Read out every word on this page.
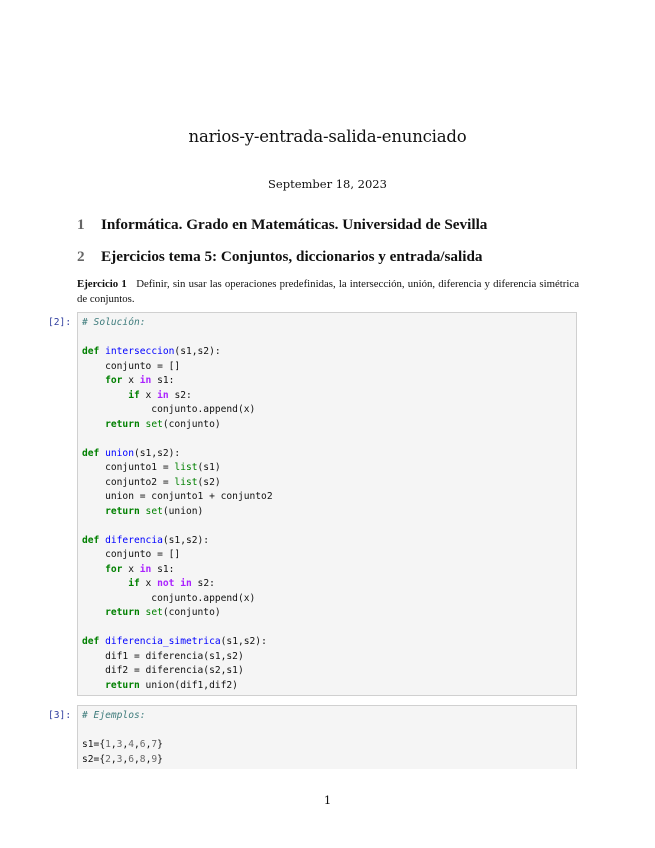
narios-y-entrada-salida-enunciado
September 18, 2023
1 Informática. Grado en Matemáticas. Universidad de Sevilla
2 Ejercicios tema 5: Conjuntos, diccionarios y entrada/salida
Ejercicio 1 Definir, sin usar las operaciones predefinidas, la intersección, unión, diferencia y diferencia simétrica de conjuntos.
[2]:	# Solución:

def interseccion(s1,s2):
conjunto = []
for x in s1:
if x in s2:
conjunto.append(x)
return set(conjunto)

def union(s1,s2):
conjunto1 = list(s1)
conjunto2 = list(s2)
union = conjunto1 + conjunto2
return set(union)

def diferencia(s1,s2):
conjunto = []
for x in s1:
if x not in s2:
conjunto.append(x)
return set(conjunto)

def diferencia_simetrica(s1,s2):
dif1 = diferencia(s1,s2)
dif2 = diferencia(s2,s1)
return union(dif1,dif2)
[3]:	# Ejemplos:

s1={1,3,4,6,7}
s2={2,3,6,8,9}
1
